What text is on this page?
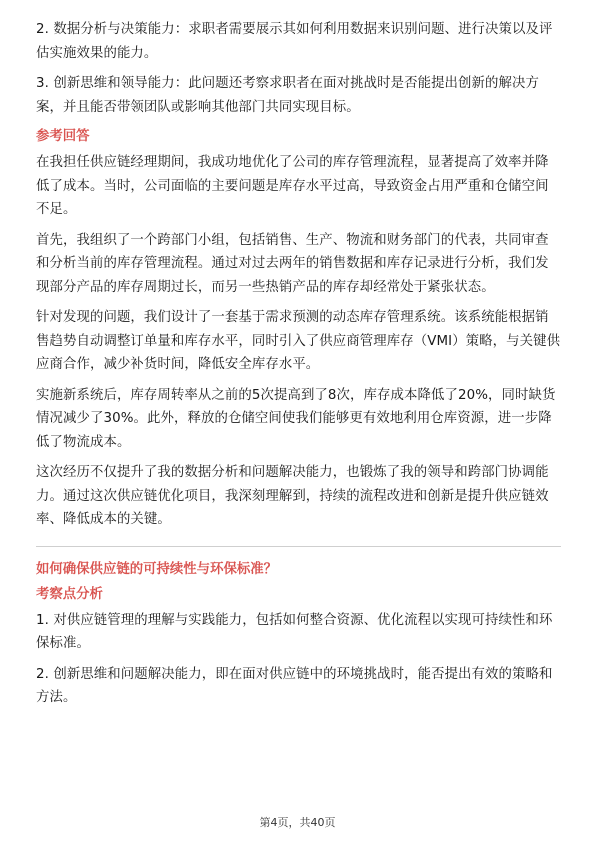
2. 数据分析与决策能力：求职者需要展示其如何利用数据来识别问题、进行决策以及评估实施效果的能力。

3. 创新思维和领导能力：此问题还考察求职者在面对挑战时是否能提出创新的解决方案，并且能否带领团队或影响其他部门共同实现目标。

参考回答

在我担任供应链经理期间，我成功地优化了公司的库存管理流程，显著提高了效率并降低了成本。当时，公司面临的主要问题是库存水平过高，导致资金占用严重和仓储空间不足。

首先，我组织了一个跨部门小组，包括销售、生产、物流和财务部门的代表，共同审查和分析当前的库存管理流程。通过对过去两年的销售数据和库存记录进行分析，我们发现部分产品的库存周期过长，而另一些热销产品的库存却经常处于紧张状态。

针对发现的问题，我们设计了一套基于需求预测的动态库存管理系统。该系统能根据销售趋势自动调整订单量和库存水平，同时引入了供应商管理库存（VMI）策略，与关键供应商合作，减少补货时间，降低安全库存水平。

实施新系统后，库存周转率从之前的5次提高到了8次，库存成本降低了20%，同时缺货情况减少了30%。此外，释放的仓储空间使我们能够更有效地利用仓库资源，进一步降低了物流成本。

这次经历不仅提升了我的数据分析和问题解决能力，也锻炼了我的领导和跨部门协调能力。通过这次供应链优化项目，我深刻理解到，持续的流程改进和创新是提升供应链效率、降低成本的关键。

如何确保供应链的可持续性与环保标准？
考察点分析

1. 对供应链管理的理解与实践能力，包括如何整合资源、优化流程以实现可持续性和环保标准。

2. 创新思维和问题解决能力，即在面对供应链中的环境挑战时，能否提出有效的策略和方法。

第4页，共40页
